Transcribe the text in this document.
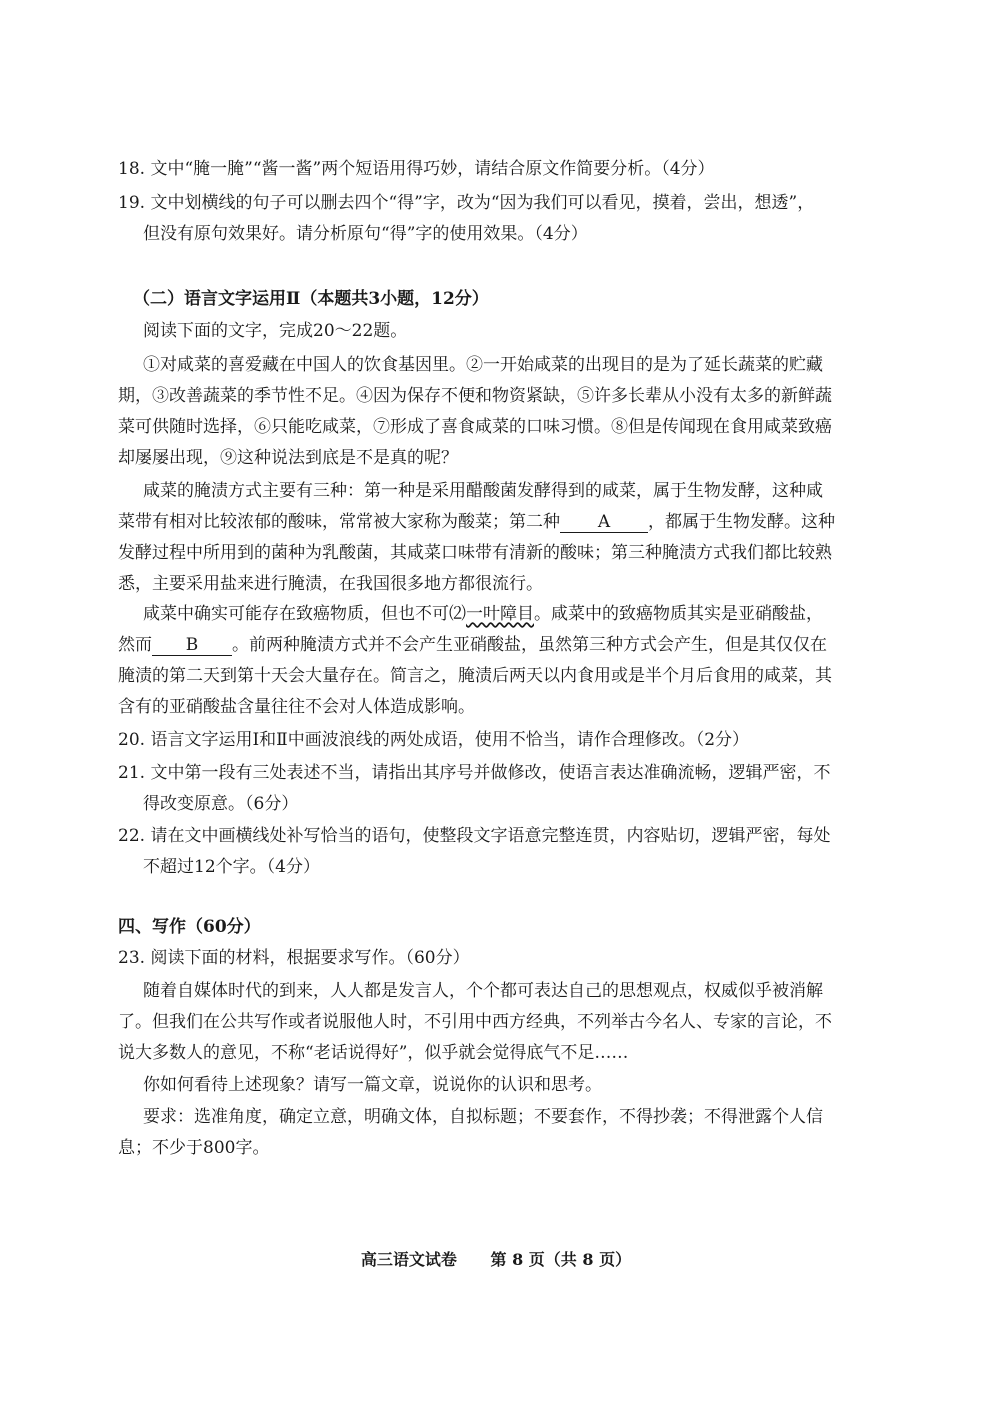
18. 文中“腌一腌”“酱一酱”两个短语用得巧妙，请结合原文作简要分析。（4分）
19. 文中划横线的句子可以删去四个“得”字，改为“因为我们可以看见，摸着，尝出，想透”，
但没有原句效果好。请分析原句“得”字的使用效果。（4分）
（二）语言文字运用Ⅱ（本题共3小题，12分）
阅读下面的文字，完成20～22题。
①对咸菜的喜爱藏在中国人的饮食基因里。②一开始咸菜的出现目的是为了延长蔬菜的贮藏
期，③改善蔬菜的季节性不足。④因为保存不便和物资紧缺，⑤许多长辈从小没有太多的新鲜蔬
菜可供随时选择，⑥只能吃咸菜，⑦形成了喜食咸菜的口味习惯。⑧但是传闻现在食用咸菜致癌
却屡屡出现，⑨这种说法到底是不是真的呢？
咸菜的腌渍方式主要有三种：第一种是采用醋酸菌发酵得到的咸菜，属于生物发酵，这种咸
菜带有相对比较浓郁的酸味，常常被大家称为酸菜；第二种 A ，都属于生物发酵。这种
发酵过程中所用到的菌种为乳酸菌，其咸菜口味带有清新的酸味；第三种腌渍方式我们都比较熟
悉，主要采用盐来进行腌渍，在我国很多地方都很流行。
咸菜中确实可能存在致癌物质，但也不可⑵一叶障目。咸菜中的致癌物质其实是亚硝酸盐，
然而 B 。前两种腌渍方式并不会产生亚硝酸盐，虽然第三种方式会产生，但是其仅仅在
腌渍的第二天到第十天会大量存在。简言之，腌渍后两天以内食用或是半个月后食用的咸菜，其
含有的亚硝酸盐含量往往不会对人体造成影响。
20. 语言文字运用Ⅰ和Ⅱ中画波浪线的两处成语，使用不恰当，请作合理修改。（2分）
21. 文中第一段有三处表述不当，请指出其序号并做修改，使语言表达准确流畅，逻辑严密，不
得改变原意。（6分）
22. 请在文中画横线处补写恰当的语句，使整段文字语意完整连贯，内容贴切，逻辑严密，每处
不超过12个字。（4分）
四、写作（60分）
23. 阅读下面的材料，根据要求写作。（60分）
随着自媒体时代的到来，人人都是发言人，个个都可表达自己的思想观点，权威似乎被消解
了。但我们在公共写作或者说服他人时，不引用中西方经典，不列举古今名人、专家的言论，不
说大多数人的意见，不称“老话说得好”，似乎就会觉得底气不足……
你如何看待上述现象？请写一篇文章，说说你的认识和思考。
要求：选准角度，确定立意，明确文体，自拟标题；不要套作，不得抄袭；不得泄露个人信
息；不少于800字。
高三语文试卷 第 8 页（共 8 页）
